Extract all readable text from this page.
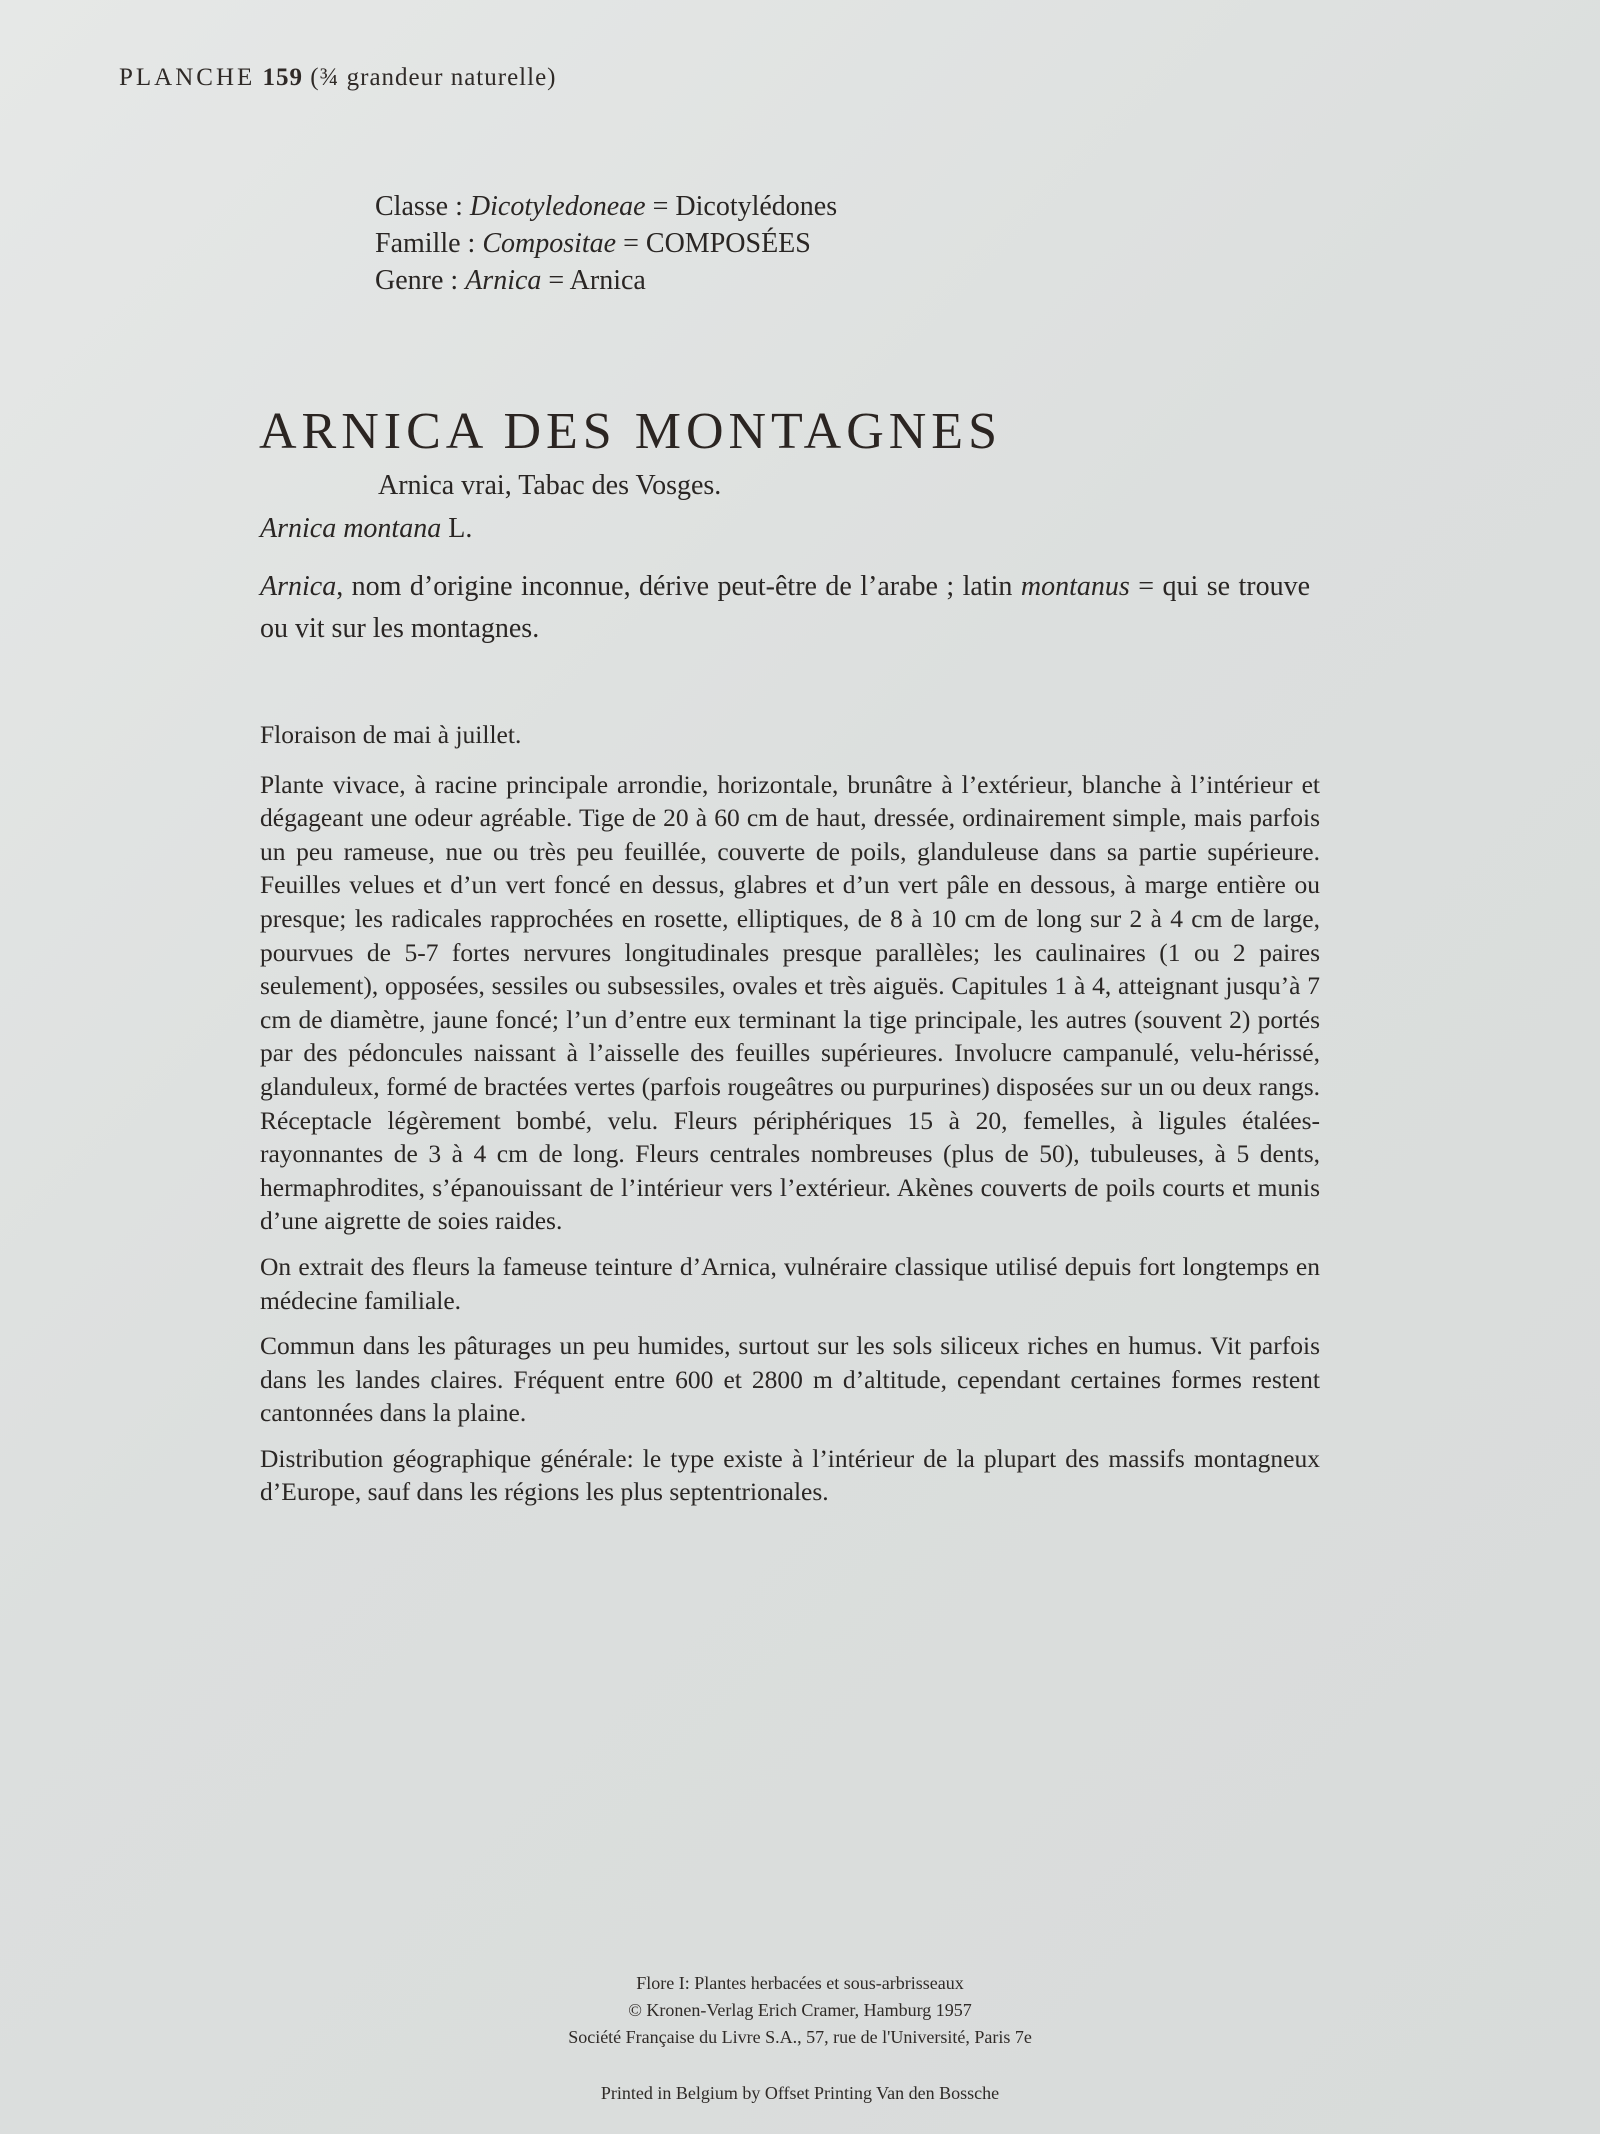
PLANCHE 159 (¾ grandeur naturelle)
Classe : Dicotyledoneae = Dicotylédones
Famille : Compositae = COMPOSÉES
Genre : Arnica = Arnica
ARNICA DES MONTAGNES
Arnica vrai, Tabac des Vosges.
Arnica montana L.
Arnica, nom d’origine inconnue, dérive peut-être de l’arabe ; latin montanus = qui se trouve ou vit sur les montagnes.

Floraison de mai à juillet.

Plante vivace, à racine principale arrondie, horizontale, brunâtre à l’extérieur, blanche à l’intérieur et dégageant une odeur agréable. Tige de 20 à 60 cm de haut, dressée, ordinairement simple, mais parfois un peu rameuse, nue ou très peu feuillée, couverte de poils, glanduleuse dans sa partie supérieure. Feuilles velues et d’un vert foncé en dessus, glabres et d’un vert pâle en dessous, à marge entière ou presque; les radicales rapprochées en rosette, elliptiques, de 8 à 10 cm de long sur 2 à 4 cm de large, pourvues de 5-7 fortes nervures longitudinales presque parallèles; les caulinaires (1 ou 2 paires seulement), opposées, sessiles ou subsessiles, ovales et très aiguës. Capitules 1 à 4, atteignant jusqu’à 7 cm de diamètre, jaune foncé; l’un d’entre eux terminant la tige principale, les autres (souvent 2) portés par des pédoncules naissant à l’aisselle des feuilles supérieures. Involucre campanulé, velu-hérissé, glanduleux, formé de bractées vertes (parfois rougeâtres ou purpurines) disposées sur un ou deux rangs. Réceptacle légèrement bombé, velu. Fleurs périphériques 15 à 20, femelles, à ligules étalées-rayonnantes de 3 à 4 cm de long. Fleurs centrales nombreuses (plus de 50), tubuleuses, à 5 dents, hermaphrodites, s’épanouissant de l’intérieur vers l’extérieur. Akènes couverts de poils courts et munis d’une aigrette de soies raides.

On extrait des fleurs la fameuse teinture d’Arnica, vulnéraire classique utilisé depuis fort longtemps en médecine familiale.

Commun dans les pâturages un peu humides, surtout sur les sols siliceux riches en humus. Vit parfois dans les landes claires. Fréquent entre 600 et 2800 m d’altitude, cependant certaines formes restent cantonnées dans la plaine.

Distribution géographique générale: le type existe à l’intérieur de la plupart des massifs montagneux d’Europe, sauf dans les régions les plus septentrionales.

Flore I: Plantes herbacées et sous-arbrisseaux
© Kronen-Verlag Erich Cramer, Hamburg 1957
Société Française du Livre S.A., 57, rue de l'Université, Paris 7e
Printed in Belgium by Offset Printing Van den Bossche
